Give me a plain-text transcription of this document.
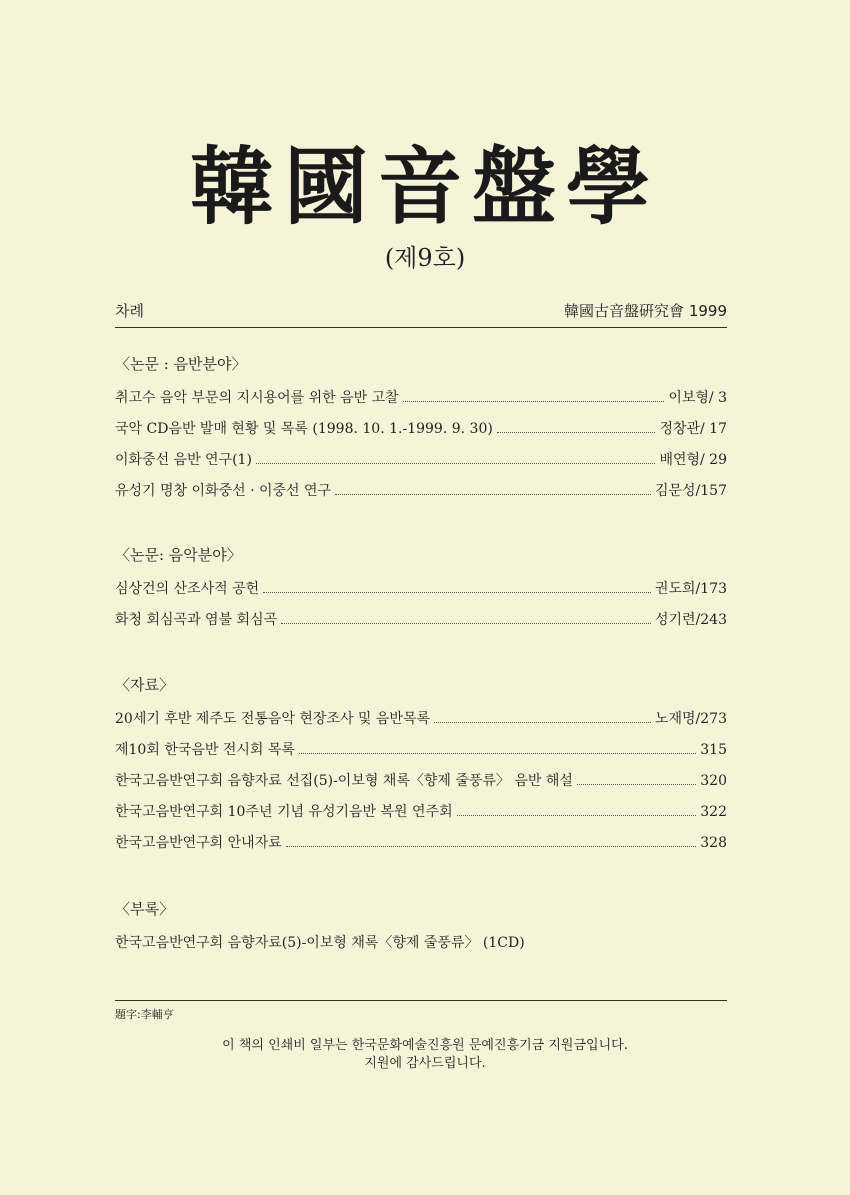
韓國音盤學
(제9호)
차례	韓國古音盤硏究會 1999
〈논문 : 음반분야〉
취고수 음악 부문의 지시용어를 위한 음반 고찰	이보형/ 3
국악 CD음반 발매 현황 및 목록 (1998. 10. 1.-1999. 9. 30)	정창관/ 17
이화중선 음반 연구(1)	배연형/ 29
유성기 명창 이화중선 · 이중선 연구	김문성/157
〈논문: 음악분야〉
심상건의 산조사적 공헌	권도희/173
화청 회심곡과 염불 회심곡	성기련/243
〈자료〉
20세기 후반 제주도 전통음악 현장조사 및 음반목록	노재명/273
제10회 한국음반 전시회 목록	315
한국고음반연구회 음향자료 선집(5)-이보형 채록〈향제 줄풍류〉 음반 해설	320
한국고음반연구회 10주년 기념 유성기음반 복원 연주회	322
한국고음반연구회 안내자료	328
〈부록〉
한국고음반연구회 음향자료(5)-이보형 채록〈향제 줄풍류〉 (1CD)
題字:李輔亨
이 책의 인쇄비 일부는 한국문화예술진흥원 문예진흥기금 지원금입니다.
지원에 감사드립니다.
